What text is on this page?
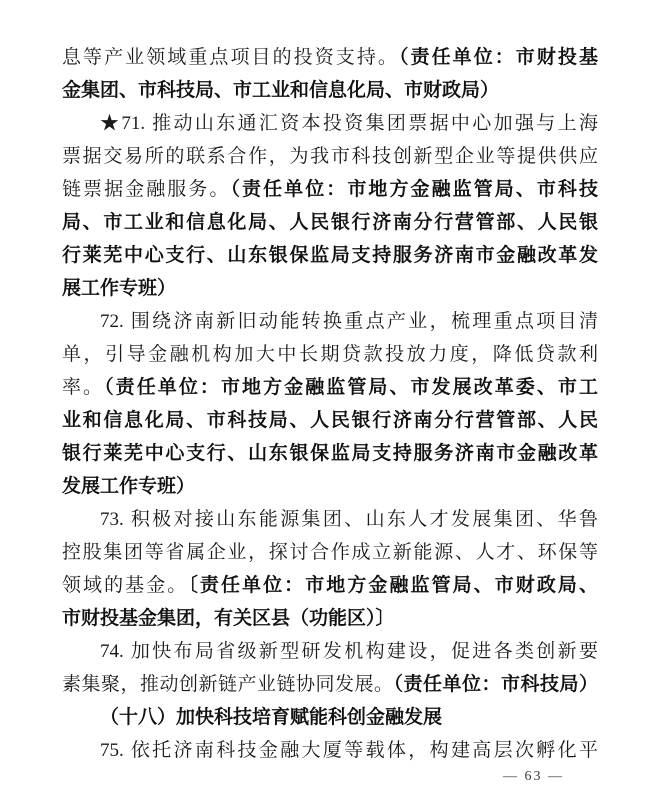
息等产业领域重点项目的投资支持。（责任单位：市财投基
金集团、市科技局、市工业和信息化局、市财政局）
★71. 推动山东通汇资本投资集团票据中心加强与上海
票据交易所的联系合作，为我市科技创新型企业等提供供应
链票据金融服务。（责任单位：市地方金融监管局、市科技
局、市工业和信息化局、人民银行济南分行营管部、人民银
行莱芜中心支行、山东银保监局支持服务济南市金融改革发
展工作专班）
72. 围绕济南新旧动能转换重点产业，梳理重点项目清
单，引导金融机构加大中长期贷款投放力度，降低贷款利
率。（责任单位：市地方金融监管局、市发展改革委、市工
业和信息化局、市科技局、人民银行济南分行营管部、人民
银行莱芜中心支行、山东银保监局支持服务济南市金融改革
发展工作专班）
73. 积极对接山东能源集团、山东人才发展集团、华鲁
控股集团等省属企业，探讨合作成立新能源、人才、环保等
领域的基金。〔责任单位：市地方金融监管局、市财政局、
市财投基金集团，有关区县（功能区）〕
74. 加快布局省级新型研发机构建设，促进各类创新要
素集聚，推动创新链产业链协同发展。（责任单位：市科技局）
（十八）加快科技培育赋能科创金融发展
75. 依托济南科技金融大厦等载体，构建高层次孵化平
— 63 —
